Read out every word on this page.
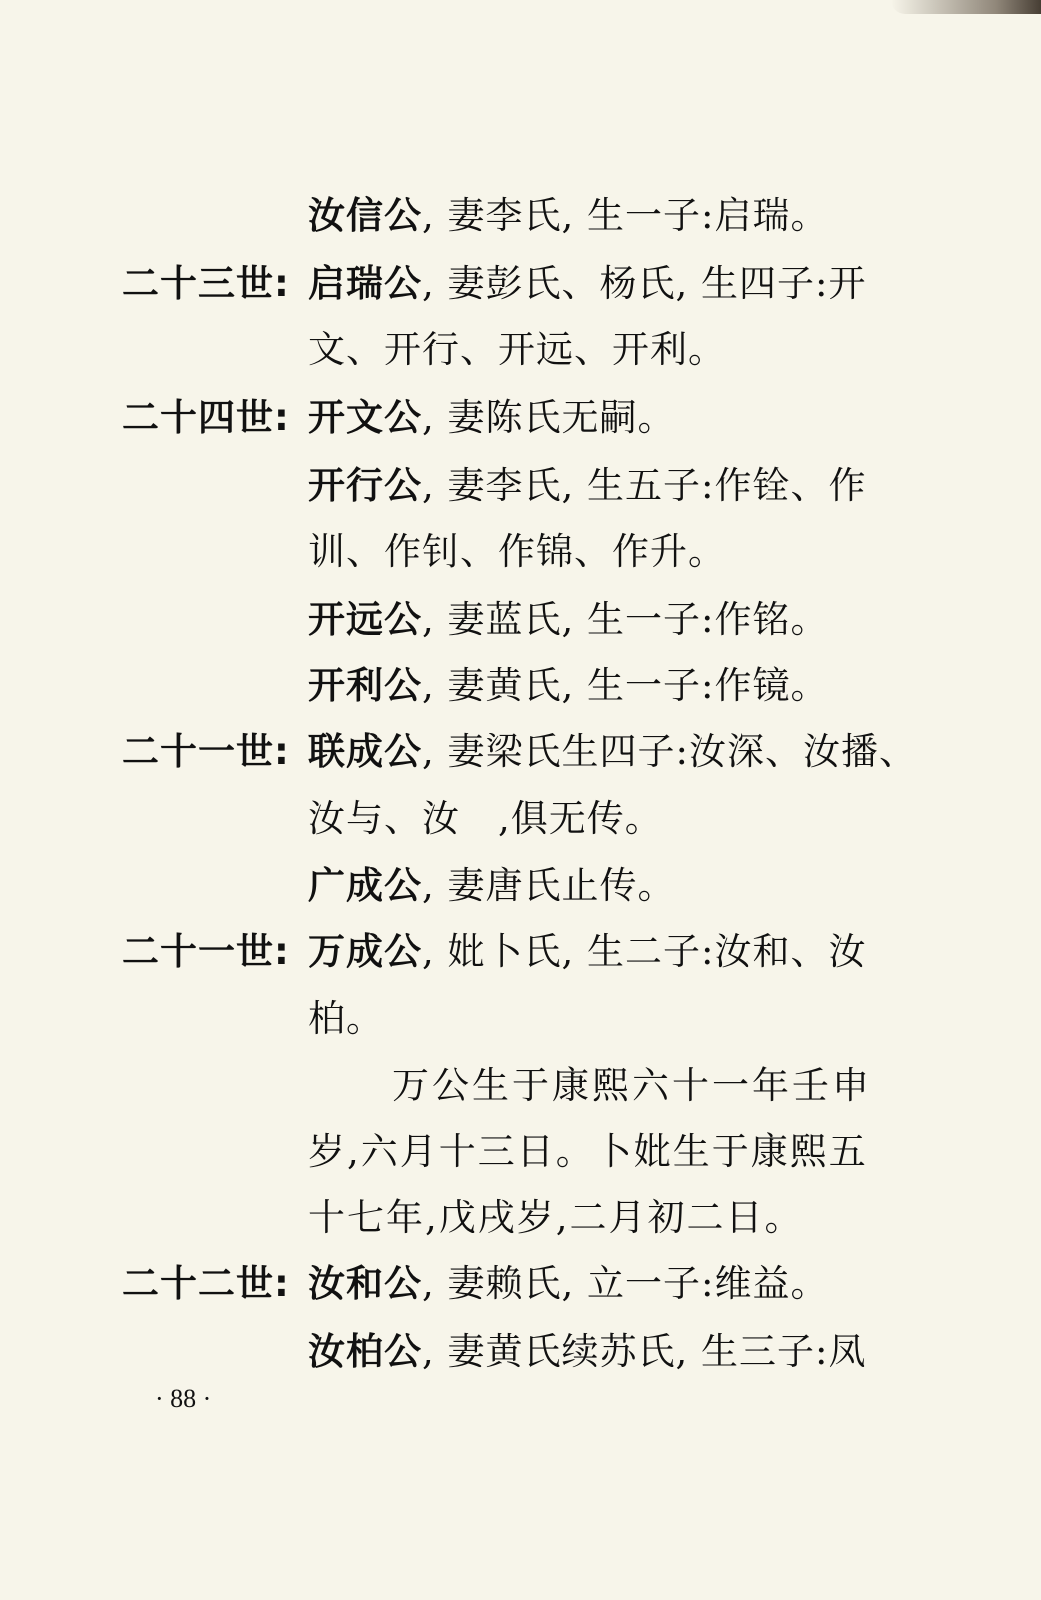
汝信公, 妻李氏, 生一子:启瑞。
二十三世: 启瑞公, 妻彭氏、杨氏, 生四子:开
文、开行、开远、开利。
二十四世: 开文公, 妻陈氏无嗣。
开行公, 妻李氏, 生五子:作铨、作
训、作钊、作锦、作升。
开远公, 妻蓝氏, 生一子:作铭。
开利公, 妻黄氏, 生一子:作镜。
二十一世: 联成公, 妻梁氏生四子:汝深、汝播、
汝与、汝　,俱无传。
广成公, 妻唐氏止传。
二十一世: 万成公, 妣卜氏, 生二子:汝和、汝
柏。
万公生于康熙六十一年壬申
岁,六月十三日。卜妣生于康熙五
十七年,戊戌岁,二月初二日。
二十二世: 汝和公, 妻赖氏, 立一子:维益。
汝柏公, 妻黄氏续苏氏, 生三子:凤
· 88 ·
